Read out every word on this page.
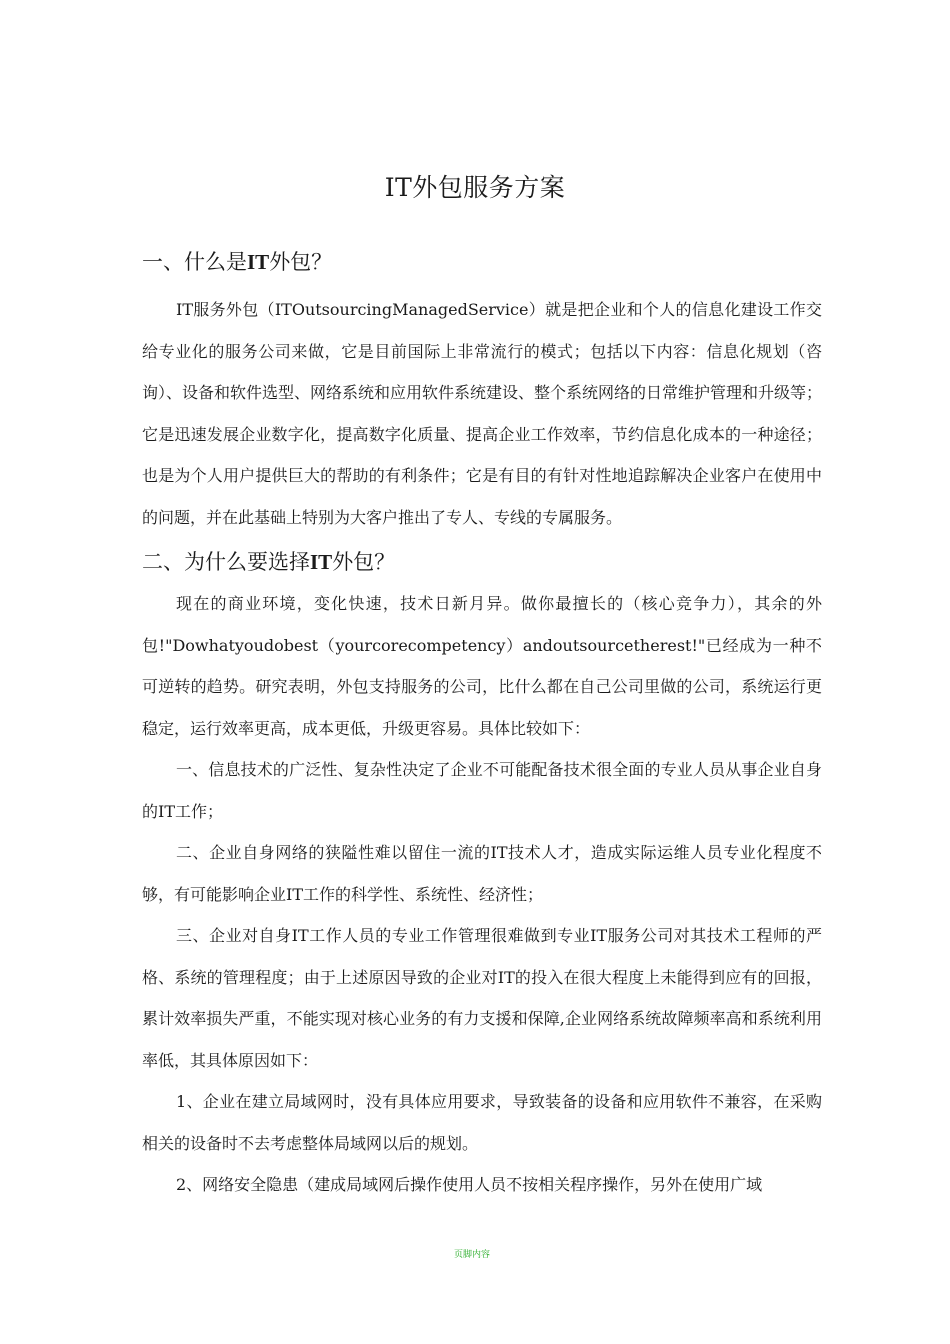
IT外包服务方案
一、什么是IT外包？

IT服务外包（ITOutsourcingManagedService）就是把企业和个人的信息化建设工作交给专业化的服务公司来做，它是目前国际上非常流行的模式；包括以下内容：信息化规划（咨询）、设备和软件选型、网络系统和应用软件系统建设、整个系统网络的日常维护管理和升级等；它是迅速发展企业数字化，提高数字化质量、提高企业工作效率，节约信息化成本的一种途径；也是为个人用户提供巨大的帮助的有利条件；它是有目的有针对性地追踪解决企业客户在使用中的问题，并在此基础上特别为大客户推出了专人、专线的专属服务。

二、为什么要选择IT外包？

现在的商业环境，变化快速，技术日新月异。做你最擅长的（核心竞争力），其余的外包!"Dowhatyoudobest（yourcorecompetency）andoutsourcetherest!"已经成为一种不可逆转的趋势。研究表明，外包支持服务的公司，比什么都在自己公司里做的公司，系统运行更稳定，运行效率更高，成本更低，升级更容易。具体比较如下：

一、信息技术的广泛性、复杂性决定了企业不可能配备技术很全面的专业人员从事企业自身的IT工作；

二、企业自身网络的狭隘性难以留住一流的IT技术人才，造成实际运维人员专业化程度不够，有可能影响企业IT工作的科学性、系统性、经济性；

三、企业对自身IT工作人员的专业工作管理很难做到专业IT服务公司对其技术工程师的严格、系统的管理程度；由于上述原因导致的企业对IT的投入在很大程度上未能得到应有的回报，累计效率损失严重，不能实现对核心业务的有力支援和保障,企业网络系统故障频率高和系统利用率低，其具体原因如下：

1、企业在建立局域网时，没有具体应用要求，导致装备的设备和应用软件不兼容，在采购相关的设备时不去考虑整体局域网以后的规划。

2、网络安全隐患（建成局域网后操作使用人员不按相关程序操作，另外在使用广域

页脚内容
